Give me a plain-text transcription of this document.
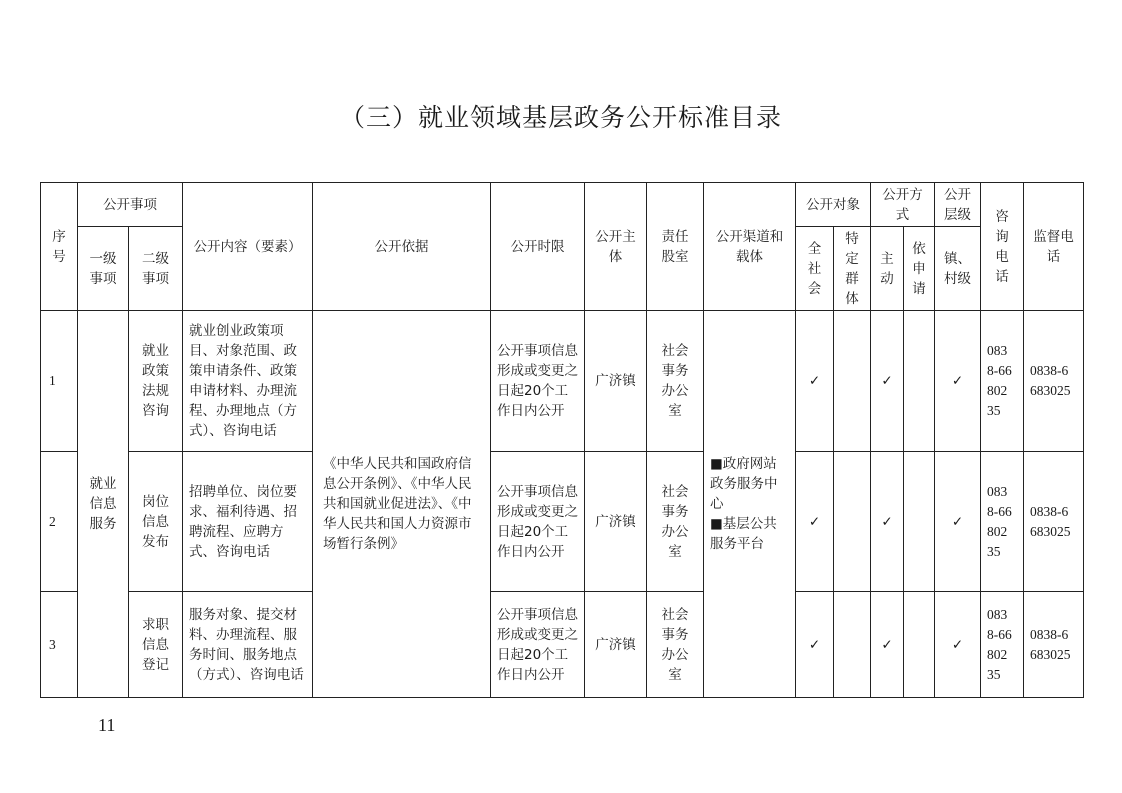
（三）就业领域基层政务公开标准目录
序
号	公开事项		公开内容（要素）	公开依据	公开时限	公开主
体	责任
股室	公开渠道和
载体	公开对象		公开方
式		公开
层级	咨
询
电
话	监督电
话
	一级
事项	二级
事项							全
社
会	特
定
群
体	主
动	依
申
请	镇、
村级		
1	就业
信息
服务	就业
政策
法规
咨询	就业创业政策项目、对象范围、政策申请条件、政策申请材料、办理流程、办理地点（方式）、咨询电话	《中华人民共和国政府信息公开条例》、《中华人民共和国就业促进法》、《中华人民共和国人力资源市场暂行条例》	公开事项信息形成或变更之日起20个工作日内公开	广济镇	社会
事务
办公
室	■政府网站政务服务中心
■基层公共服务平台	✓		✓		✓	083
8-66
802
35	0838-6
683025
2		岗位
信息
发布	招聘单位、岗位要求、福利待遇、招聘流程、应聘方式、咨询电话		公开事项信息形成或变更之日起20个工作日内公开	广济镇	社会
事务
办公
室		✓		✓		✓	083
8-66
802
35	0838-6
683025
3		求职
信息
登记	服务对象、提交材料、办理流程、服务时间、服务地点（方式）、咨询电话		公开事项信息形成或变更之日起20个工作日内公开	广济镇	社会
事务
办公
室		✓		✓		✓	083
8-66
802
35	0838-6
683025
11
